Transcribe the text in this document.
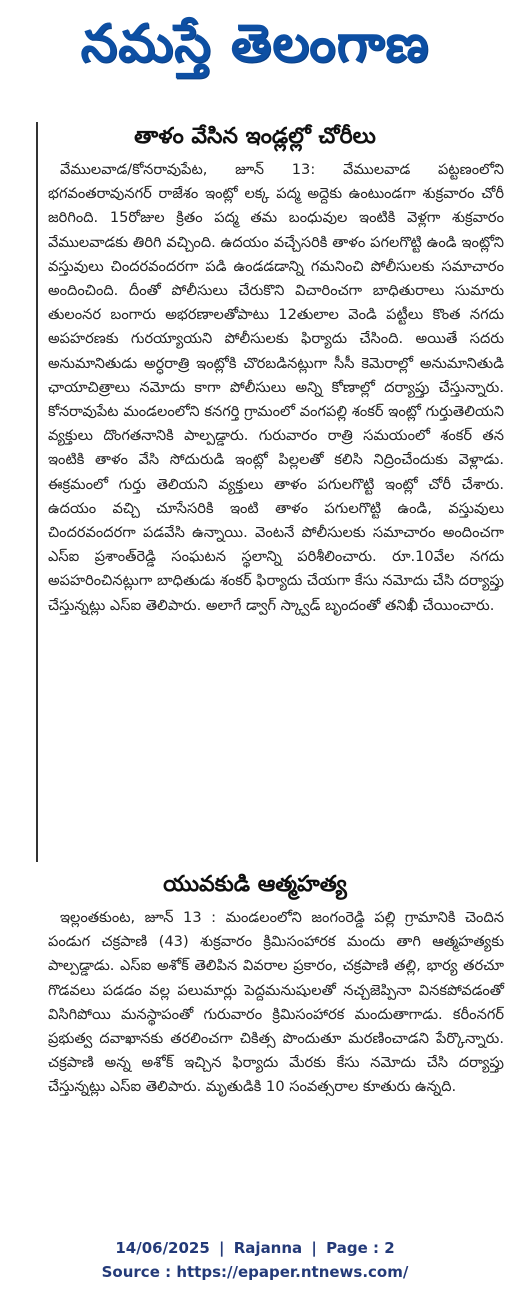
నమస్తే తెలంగాణ
తాళం వేసిన ఇండ్లల్లో చోరీలు
వేములవాడ/కోనరావుపేట, జూన్ 13: వేములవాడ పట్టణంలోని భగవంతరావునగర్ రాజేశం ఇంట్లో లక్క పద్మ అద్దెకు ఉంటుండగా శుక్రవారం చోరీ జరిగింది. 15రోజుల క్రితం పద్మ తమ బంధువుల ఇంటికి వెళ్లగా శుక్రవారం వేములవాడకు తిరిగి వచ్చింది. ఉదయం వచ్చేసరికి తాళం పగలగొట్టి ఉండి ఇంట్లోని వస్తువులు చిందరవందరగా పడి ఉండడడాన్ని గమనించి పోలీసులకు సమాచారం అందించింది. దీంతో పోలీసులు చేరుకొని విచారించగా బాధితురాలు సుమారు తులంనర బంగారు అభరణాలతోపాటు 12తులాల వెండి పట్టీలు కొంత నగదు అపహరణకు గురయ్యాయని పోలీసులకు ఫిర్యాదు చేసింది. అయితే సదరు అనుమానితుడు అర్ధరాత్రి ఇంట్లోకి చొరబడినట్లుగా సీసీ కెమెరాల్లో అనుమానితుడి ఛాయాచిత్రాలు నమోదు కాగా పోలీసులు అన్ని కోణాల్లో దర్యాప్తు చేస్తున్నారు. కోనరావుపేట మండలంలోని కనగర్తి గ్రామంలో వంగపల్లి శంకర్ ఇంట్లో గుర్తుతెలియని వ్యక్తులు దొంగతనానికి పాల్పడ్డారు. గురువారం రాత్రి సమయంలో శంకర్ తన ఇంటికి తాళం వేసి సోదురుడి ఇంట్లో పిల్లలతో కలిసి నిద్రించేందుకు వెళ్లాడు. ఈక్రమంలో గుర్తు తెలియని వ్యక్తులు తాళం పగులగొట్టి ఇంట్లో చోరీ చేశారు. ఉదయం వచ్చి చూసేసరికి ఇంటి తాళం పగులగొట్టి ఉండి, వస్తువులు చిందరవందరగా పడవేసి ఉన్నాయి. వెంటనే పోలీసులకు సమాచారం అందించగా ఎస్ఐ ప్రశాంత్‌రెడ్డి సంఘటన స్థలాన్ని పరిశీలించారు. రూ.10వేల నగదు అపహరించినట్లుగా బాధితుడు శంకర్ ఫిర్యాదు చేయగా కేసు నమోదు చేసి దర్యాప్తు చేస్తున్నట్లు ఎస్ఐ తెలిపారు. అలాగే డ్వాగ్ స్క్వాడ్ బృందంతో తనిఖీ చేయించారు.
యువకుడి ఆత్మహత్య
ఇల్లంతకుంట, జూన్ 13 : మండలంలోని జంగంరెడ్డి పల్లి గ్రామానికి చెందిన పండుగ చక్రపాణి (43) శుక్రవారం క్రిమిసంహారక మందు తాగి ఆత్మహత్యకు పాల్పడ్డాడు. ఎస్ఐ అశోక్ తెలిపిన వివరాల ప్రకారం, చక్రపాణి తల్లి, భార్య తరచూ గొడవలు పడడం వల్ల పలుమార్లు పెద్దమనుషులతో నచ్చజెప్పినా వినకపోవడంతో విసిగిపోయి మనస్థాపంతో గురువారం క్రిమిసంహారక మందుతాగాడు. కరీంనగర్ ప్రభుత్వ దవాఖానకు తరలించగా చికిత్స పొందుతూ మరణించాడని పేర్కొన్నారు. చక్రపాణి అన్న అశోక్ ఇచ్చిన ఫిర్యాదు మేరకు కేసు నమోదు చేసి దర్యాప్తు చేస్తున్నట్లు ఎస్ఐ తెలిపారు. మృతుడికి 10 సంవత్సరాల కూతురు ఉన్నది.
14/06/2025 | Rajanna | Page : 2
Source : https://epaper.ntnews.com/
